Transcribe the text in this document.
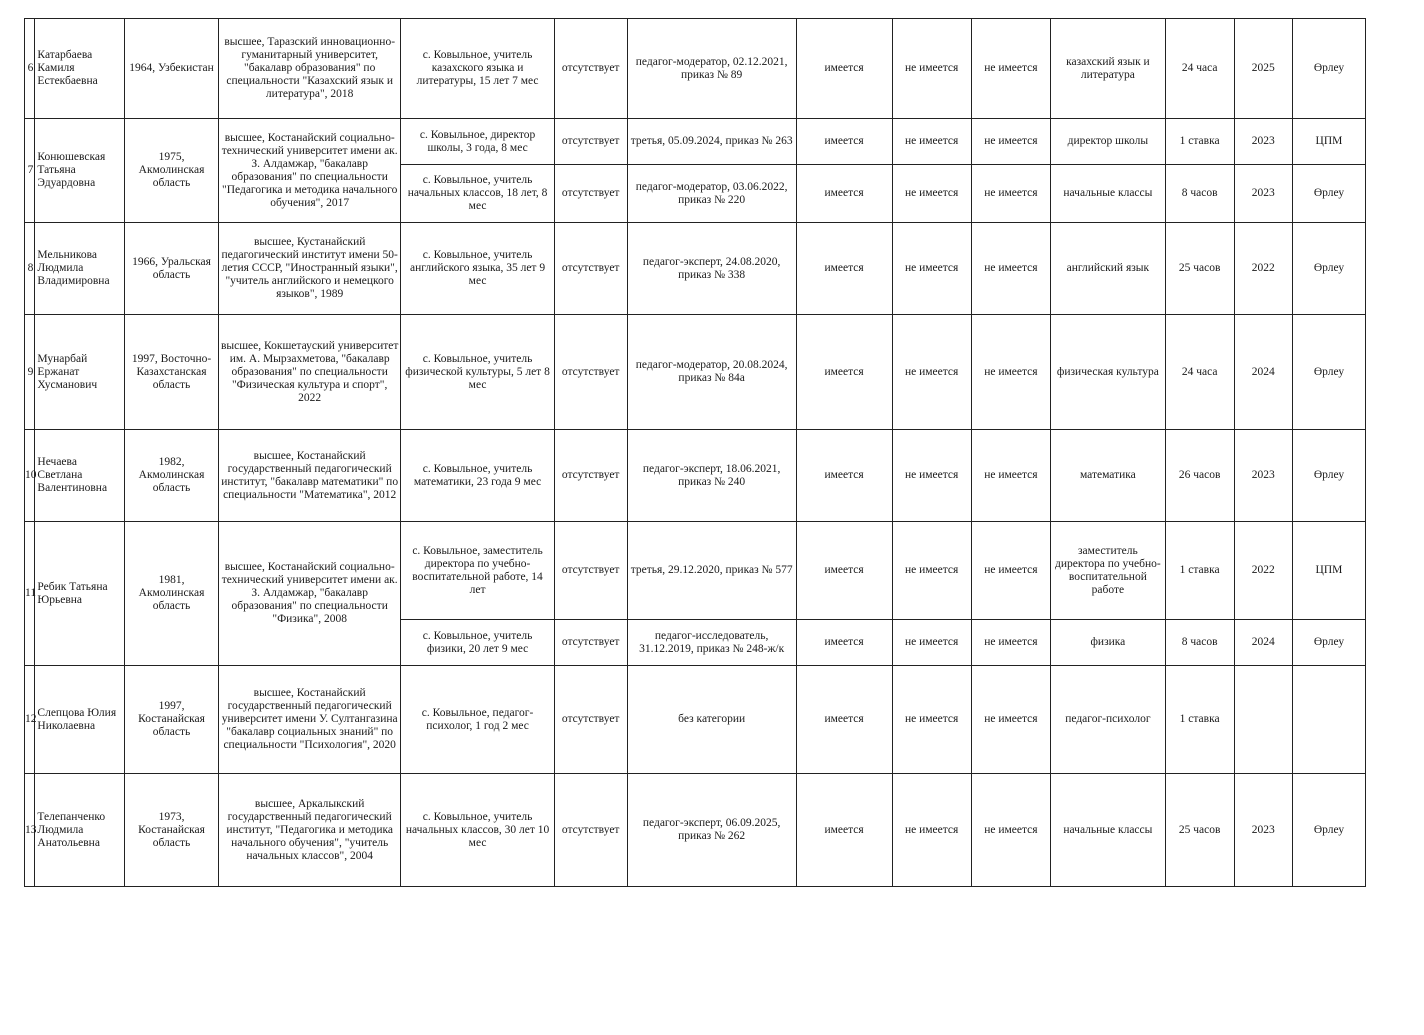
6	Катарбаева Камиля Естекбаевна	1964, Узбекистан	высшее, Таразский инновационно-гуманитарный университет, "бакалавр образования" по специальности "Казахский язык и литература", 2018	с. Ковыльное, учитель казахского языка и литературы, 15 лет 7 мес	отсутствует	педагог-модератор, 02.12.2021, приказ № 89	имеется	не имеется	не имеется	казахский язык и литература	24 часа	2025	Өрлеу
7	Конюшевская Татьяна Эдуардовна	1975, Акмолинская область	высшее, Костанайский социально-технический университет имени ак. З. Алдамжар, "бакалавр образования" по специальности "Педагогика и методика начального обучения", 2017	с. Ковыльное, директор школы, 3 года, 8 мес	отсутствует	третья, 05.09.2024, приказ № 263	имеется	не имеется	не имеется	директор школы	1 ставка	2023	ЦПМ
				с. Ковыльное, учитель начальных классов, 18 лет, 8 мес	отсутствует	педагог-модератор, 03.06.2022, приказ № 220	имеется	не имеется	не имеется	начальные классы	8 часов	2023	Өрлеу
8	Мельникова Людмила Владимировна	1966, Уральская область	высшее, Кустанайский педагогический институт имени 50-летия СССР, "Иностранный языки", "учитель английского и немецкого языков", 1989	с. Ковыльное, учитель английского языка, 35 лет 9 мес	отсутствует	педагог-эксперт, 24.08.2020, приказ № 338	имеется	не имеется	не имеется	английский язык	25 часов	2022	Өрлеу
9	Мунарбай Ержанат Хусманович	1997, Восточно-Казахстанская область	высшее, Кокшетауский университет им. А. Мырзахметова, "бакалавр образования" по специальности "Физическая культура и спорт", 2022	с. Ковыльное, учитель физической культуры, 5 лет 8 мес	отсутствует	педагог-модератор, 20.08.2024, приказ № 84а	имеется	не имеется	не имеется	физическая культура	24 часа	2024	Өрлеу
10	Нечаева Светлана Валентиновна	1982, Акмолинская область	высшее, Костанайский государственный педагогический институт, "бакалавр математики" по специальности "Математика", 2012	с. Ковыльное, учитель математики, 23 года 9 мес	отсутствует	педагог-эксперт, 18.06.2021, приказ № 240	имеется	не имеется	не имеется	математика	26 часов	2023	Өрлеу
11	Ребик Татьяна Юрьевна	1981, Акмолинская область	высшее, Костанайский социально-технический университет имени ак. З. Алдамжар, "бакалавр образования" по специальности "Физика", 2008	с. Ковыльное, заместитель директора по учебно-воспитательной работе, 14 лет	отсутствует	третья, 29.12.2020, приказ № 577	имеется	не имеется	не имеется	заместитель директора по учебно-воспитательной работе	1 ставка	2022	ЦПМ
				с. Ковыльное, учитель физики, 20 лет 9 мес	отсутствует	педагог-исследователь, 31.12.2019, приказ № 248-ж/к	имеется	не имеется	не имеется	физика	8 часов	2024	Өрлеу
12	Слепцова Юлия Николаевна	1997, Костанайская область	высшее, Костанайский государственный педагогический университет имени У. Султангазина "бакалавр социальных знаний" по специальности "Психология", 2020	с. Ковыльное, педагог-психолог, 1 год 2 мес	отсутствует	без категории	имеется	не имеется	не имеется	педагог-психолог	1 ставка		
13	Телепанченко Людмила Анатольевна	1973, Костанайская область	высшее, Аркалыкский государственный педагогический институт, "Педагогика и методика начального обучения", "учитель начальных классов", 2004	с. Ковыльное, учитель начальных классов, 30 лет 10 мес	отсутствует	педагог-эксперт, 06.09.2025, приказ № 262	имеется	не имеется	не имеется	начальные классы	25 часов	2023	Өрлеу
